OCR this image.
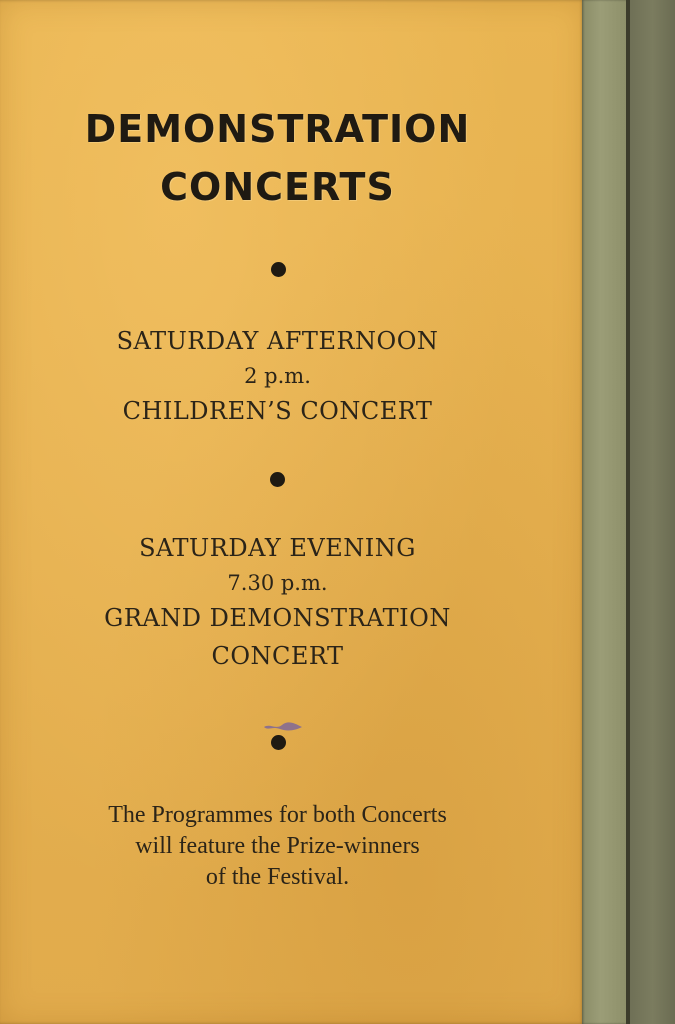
DEMONSTRATION
CONCERTS
SATURDAY AFTERNOON
2 p.m.
CHILDREN’S CONCERT
SATURDAY EVENING
7.30 p.m.
GRAND DEMONSTRATION
CONCERT
The Programmes for both Concerts
will feature the Prize-winners
of the Festival.
